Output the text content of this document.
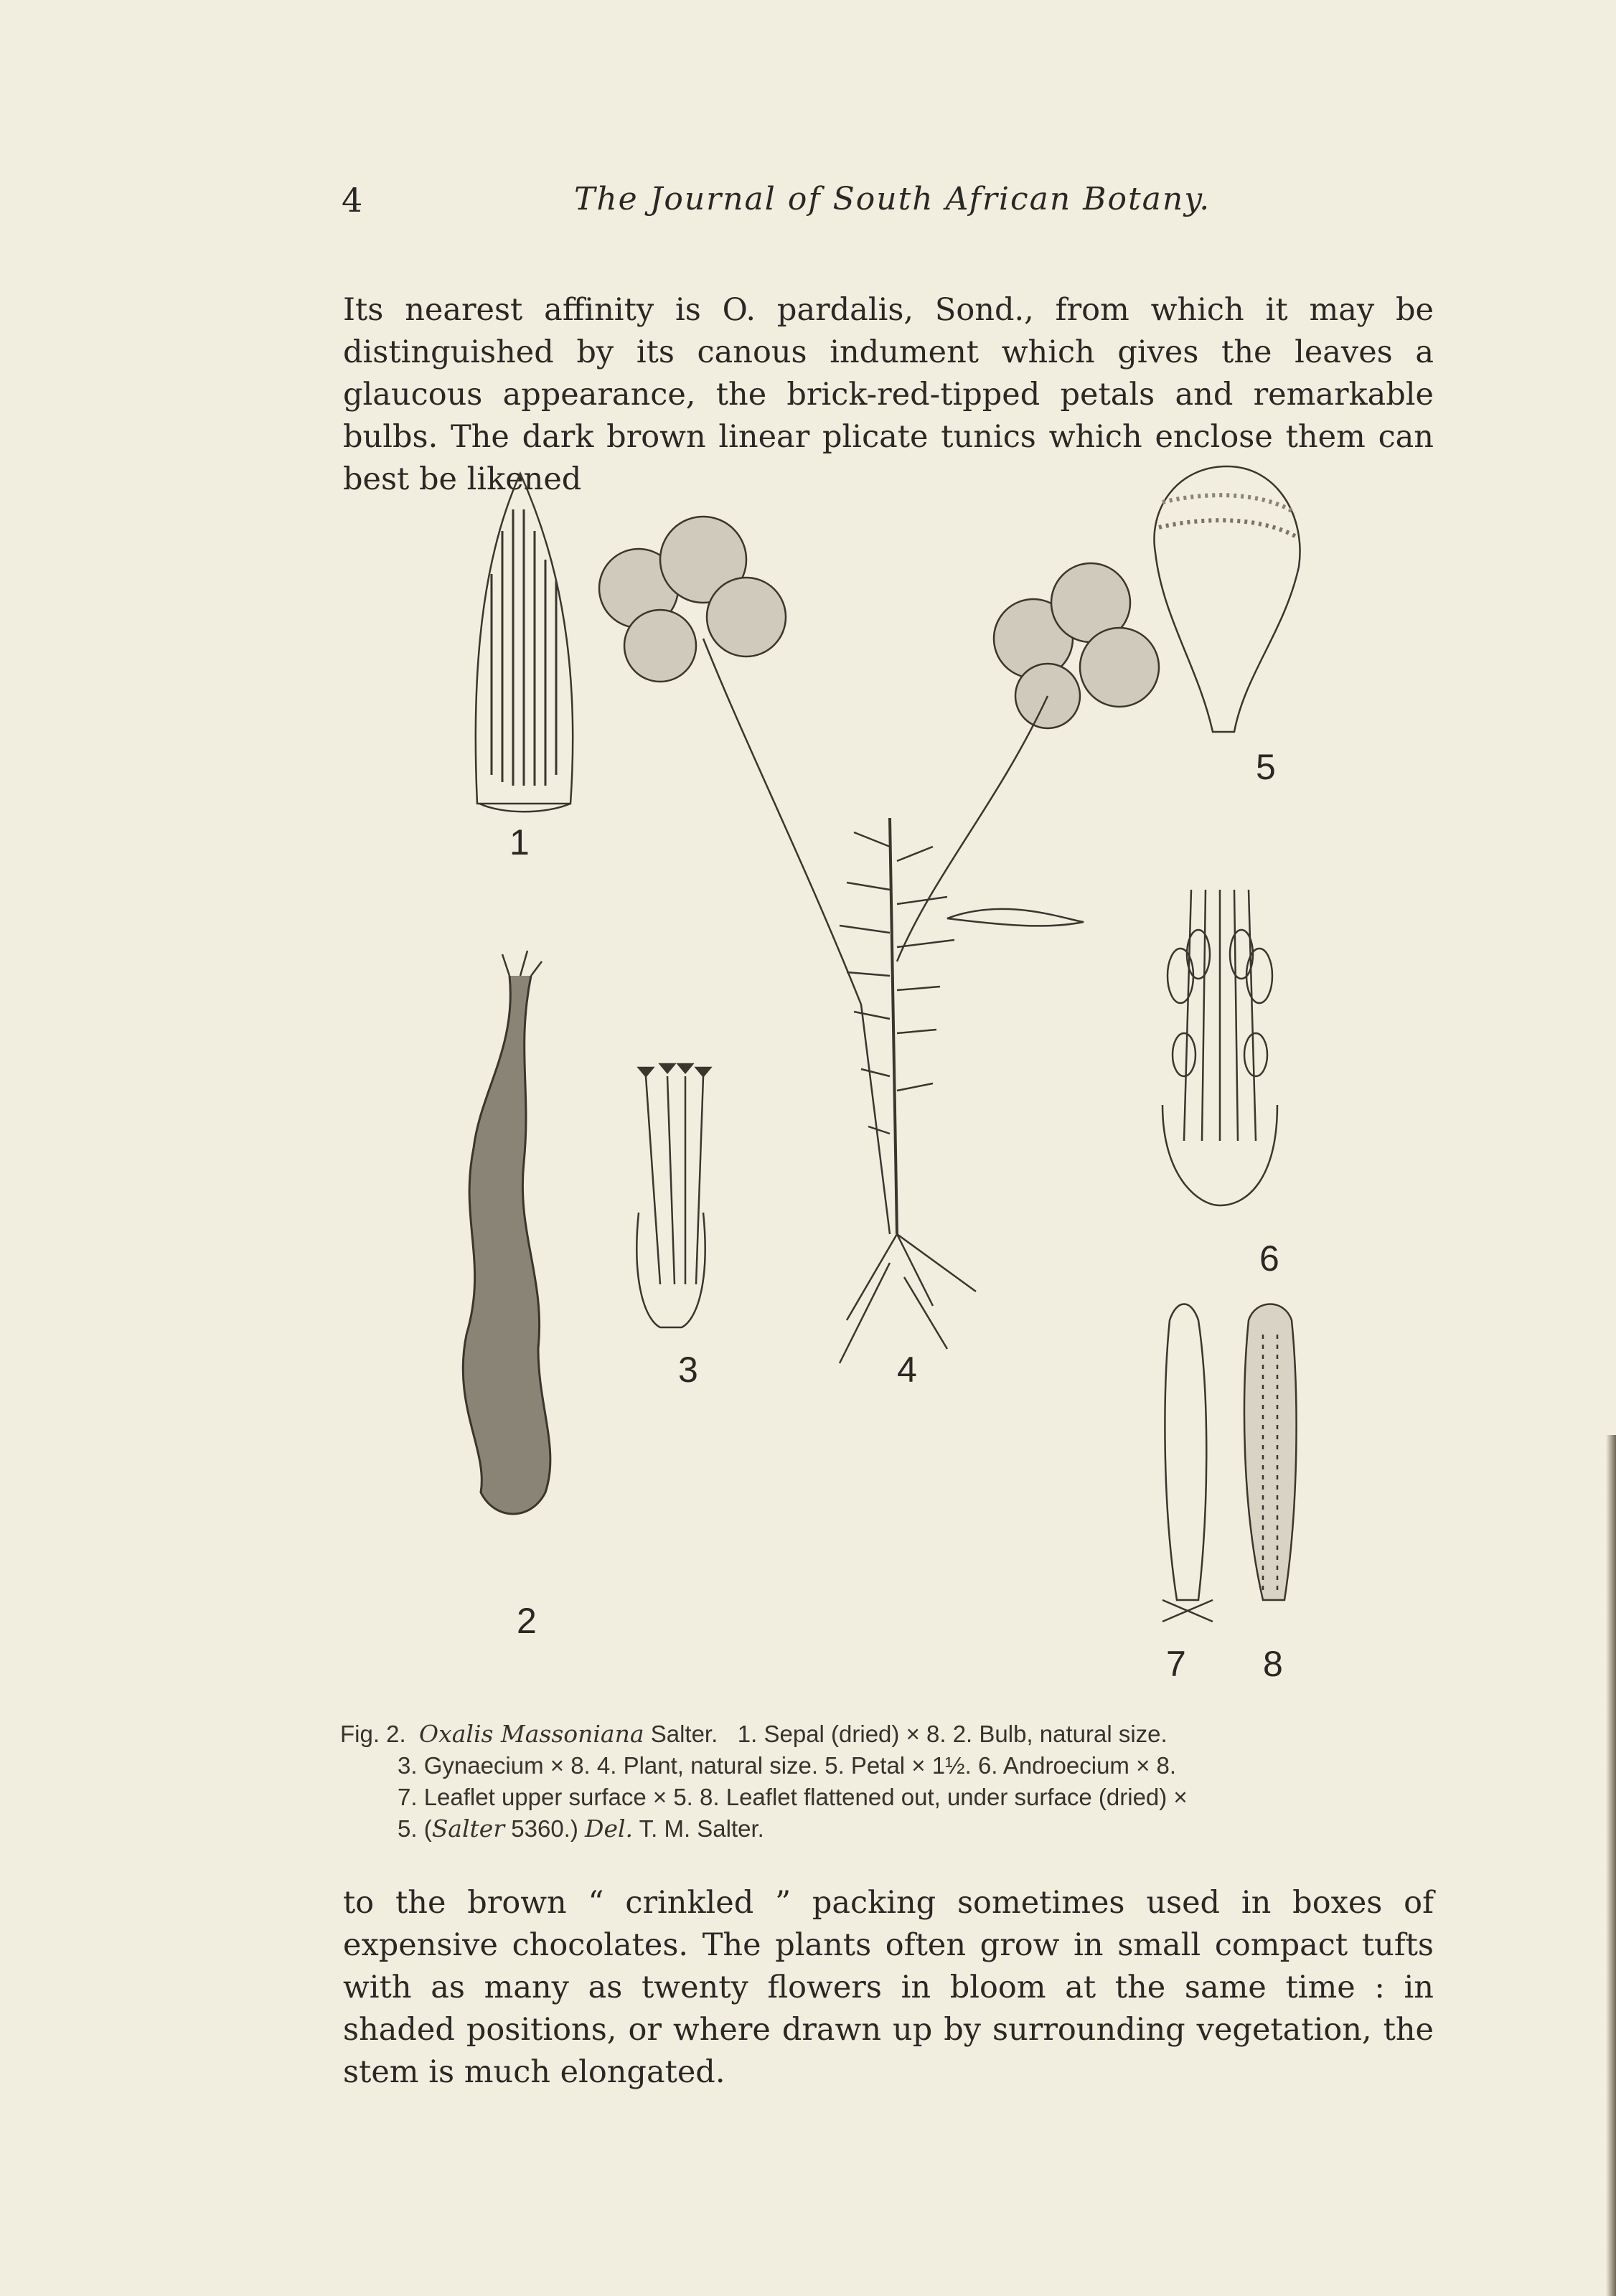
4	The Journal of South African Botany.

Its nearest affinity is O. pardalis, Sond., from which it may be distinguished by its canous indument which gives the leaves a glaucous appearance, the brick-red-tipped petals and remarkable bulbs. The dark brown linear plicate tunics which enclose them can best be likened

1
2
3	4
5
6
7 8
Fig. 2. Oxalis Massoniana Salter. 1. Sepal (dried) × 8. 2. Bulb, natural size.
3. Gynaecium × 8. 4. Plant, natural size. 5. Petal × 1½. 6. Androecium × 8.
7. Leaflet upper surface × 5. 8. Leaflet flattened out, under surface (dried) ×
5. (Salter 5360.) Del. T. M. Salter.

to the brown “ crinkled ” packing sometimes used in boxes of expensive chocolates. The plants often grow in small compact tufts with as many as twenty flowers in bloom at the same time : in shaded positions, or where drawn up by surrounding vegetation, the stem is much elongated.
